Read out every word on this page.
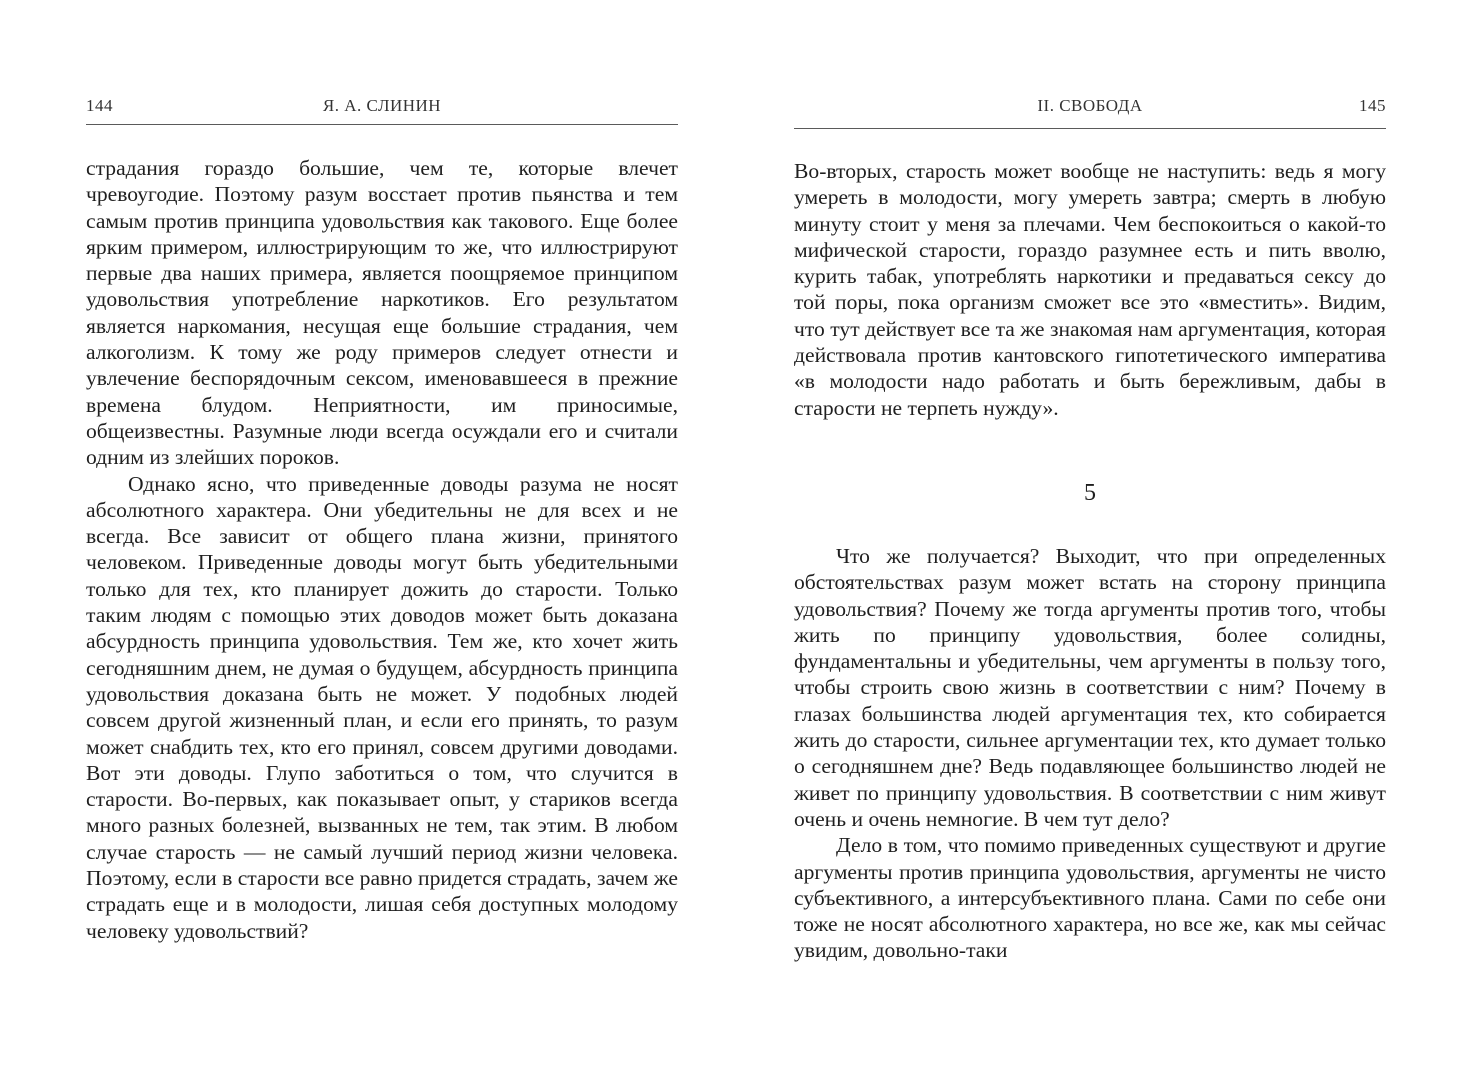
144	Я. А. СЛИНИН

страдания гораздо большие, чем те, которые влечет чревоугодие. Поэтому разум восстает против пьянства и тем самым против принципа удовольствия как такового. Еще более ярким примером, иллюстрирующим то же, что иллюстрируют первые два наших примера, является поощряемое принципом удовольствия употребление наркотиков. Его результатом является наркомания, несущая еще большие страдания, чем алкоголизм. К тому же роду примеров следует отнести и увлечение беспорядочным сексом, именовавшееся в прежние времена блудом. Неприятности, им приносимые, общеизвестны. Разумные люди всегда осуждали его и считали одним из злейших пороков.

Однако ясно, что приведенные доводы разума не носят абсолютного характера. Они убедительны не для всех и не всегда. Все зависит от общего плана жизни, принятого человеком. Приведенные доводы могут быть убедительными только для тех, кто планирует дожить до старости. Только таким людям с помощью этих доводов может быть доказана абсурдность принципа удовольствия. Тем же, кто хочет жить сегодняшним днем, не думая о будущем, абсурдность принципа удовольствия доказана быть не может. У подобных людей совсем другой жизненный план, и если его принять, то разум может снабдить тех, кто его принял, совсем другими доводами. Вот эти доводы. Глупо заботиться о том, что случится в старости. Во-первых, как показывает опыт, у стариков всегда много разных болезней, вызванных не тем, так этим. В любом случае старость — не самый лучший период жизни человека. Поэтому, если в старости все равно придется страдать, зачем же страдать еще и в молодости, лишая себя доступных молодому человеку удовольствий?

II. СВОБОДА	145

Во-вторых, старость может вообще не наступить: ведь я могу умереть в молодости, могу умереть завтра; смерть в любую минуту стоит у меня за плечами. Чем беспокоиться о какой-то мифической старости, гораздо разумнее есть и пить вволю, курить табак, употреблять наркотики и предаваться сексу до той поры, пока организм сможет все это «вместить». Видим, что тут действует все та же знакомая нам аргументация, которая действовала против кантовского гипотетического императива «в молодости надо работать и быть бережливым, дабы в старости не терпеть нужду».

5

Что же получается? Выходит, что при определенных обстоятельствах разум может встать на сторону принципа удовольствия? Почему же тогда аргументы против того, чтобы жить по принципу удовольствия, более солидны, фундаментальны и убедительны, чем аргументы в пользу того, чтобы строить свою жизнь в соответствии с ним? Почему в глазах большинства людей аргументация тех, кто собирается жить до старости, сильнее аргументации тех, кто думает только о сегодняшнем дне? Ведь подавляющее большинство людей не живет по принципу удовольствия. В соответствии с ним живут очень и очень немногие. В чем тут дело?

Дело в том, что помимо приведенных существуют и другие аргументы против принципа удовольствия, аргументы не чисто субъективного, а интерсубъективного плана. Сами по себе они тоже не носят абсолютного характера, но все же, как мы сейчас увидим, довольно-таки
